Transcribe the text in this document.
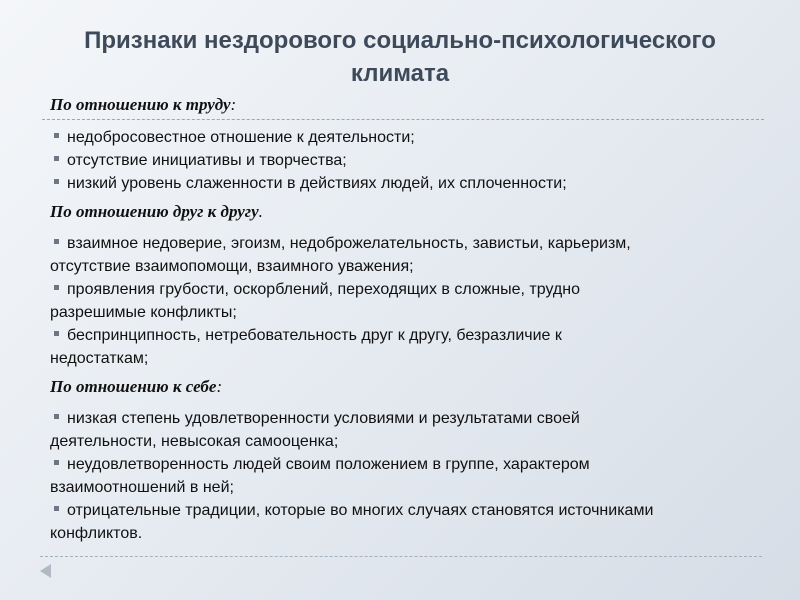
Признаки нездорового социально-психологического
климата

По отношению к труду:

недобросовестное отношение к деятельности;
отсутствие инициативы и творчества;
низкий уровень слаженности в действиях людей, их сплоченности;

По отношению друг к другу.

взаимное недоверие, эгоизм, недоброжелательность, завистьи, карьеризм,
отсутствие взаимопомощи, взаимного уважения;
проявления грубости, оскорблений, переходящих в сложные, трудно
разрешимые конфликты;
беспринципность, нетребовательность друг к другу, безразличие к
недостаткам;

По отношению к себе:

низкая степень удовлетворенности условиями и результатами своей
деятельности, невысокая самооценка;
неудовлетворенность людей своим положением в группе, характером
взаимоотношений в ней;
отрицательные традиции, которые во многих случаях становятся источниками
конфликтов.
